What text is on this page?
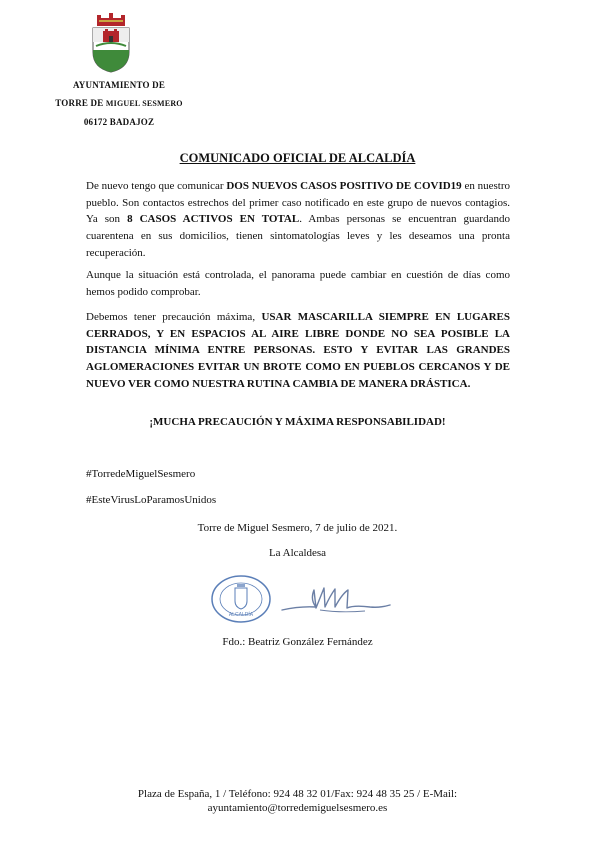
AYUNTAMIENTO DE
TORRE DE MIGUEL SESMERO
06172 BADAJOZ
COMUNICADO OFICIAL DE ALCALDÍA
De nuevo tengo que comunicar DOS NUEVOS CASOS POSITIVO DE COVID19 en nuestro pueblo. Son contactos estrechos del primer caso notificado en este grupo de nuevos contagios. Ya son 8 CASOS ACTIVOS EN TOTAL. Ambas personas se encuentran guardando cuarentena en sus domicilios, tienen sintomatologías leves y les deseamos una pronta recuperación.
Aunque la situación está controlada, el panorama puede cambiar en cuestión de días como hemos podido comprobar.
Debemos tener precaución máxima, USAR MASCARILLA SIEMPRE EN LUGARES CERRADOS, Y EN ESPACIOS AL AIRE LIBRE DONDE NO SEA POSIBLE LA DISTANCIA MÍNIMA ENTRE PERSONAS. ESTO Y EVITAR LAS GRANDES AGLOMERACIONES EVITAR UN BROTE COMO EN PUEBLOS CERCANOS Y DE NUEVO VER COMO NUESTRA RUTINA CAMBIA DE MANERA DRÁSTICA.
¡MUCHA PRECAUCIÓN Y MÁXIMA RESPONSABILIDAD!
#TorredeMiguelSesmero
#EsteVirusLoParamosUnidos
Torre de Miguel Sesmero, 7 de julio de 2021.
La Alcaldesa
ALCALDÍA
Fdo.: Beatriz González Fernández
Plaza de España, 1 / Teléfono: 924 48 32 01/Fax: 924 48 35 25 / E-Mail:
ayuntamiento@torredemiguelsesmero.es
